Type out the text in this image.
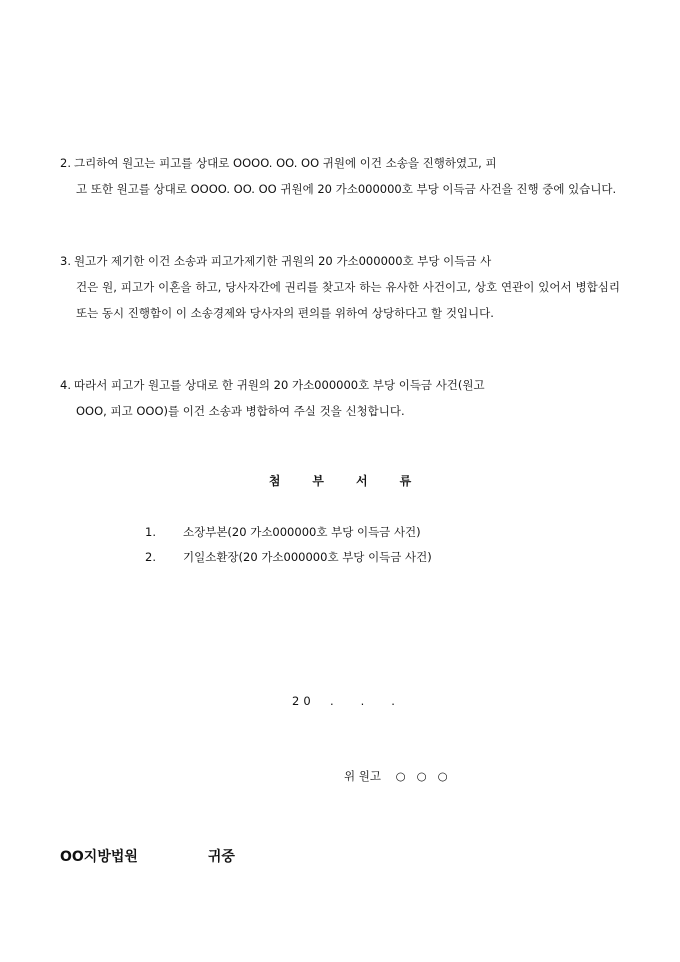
2. 그리하여 원고는 피고를 상대로 OOOO. OO. OO 귀원에 이건 소송을 진행하였고, 피
고 또한 원고를 상대로 OOOO. OO. OO 귀원에 20 가소000000호 부당 이득금 사건을 진행 중에 있습니다.
3. 원고가 제기한 이건 소송과 피고가제기한 귀원의 20 가소000000호 부당 이득금 사
건은 원, 피고가 이혼을 하고, 당사자간에 권리를 찾고자 하는 유사한 사건이고, 상호 연관이 있어서 병합심리 또는 동시 진행함이 이 소송경제와 당사자의 편의를 위하여 상당하다고 할 것입니다.
4. 따라서 피고가 원고를 상대로 한 귀원의 20 가소000000호 부당 이득금 사건(원고
OOO, 피고 OOO)를 이건 소송과 병합하여 주실 것을 신청합니다.
첨부서류
1. 소장부본(20 가소000000호 부당 이득금 사건)
2. 기일소환장(20 가소000000호 부당 이득금 사건)
20  .   .   .
위 원고    ○   ○   ○
OO지방법원	귀중
